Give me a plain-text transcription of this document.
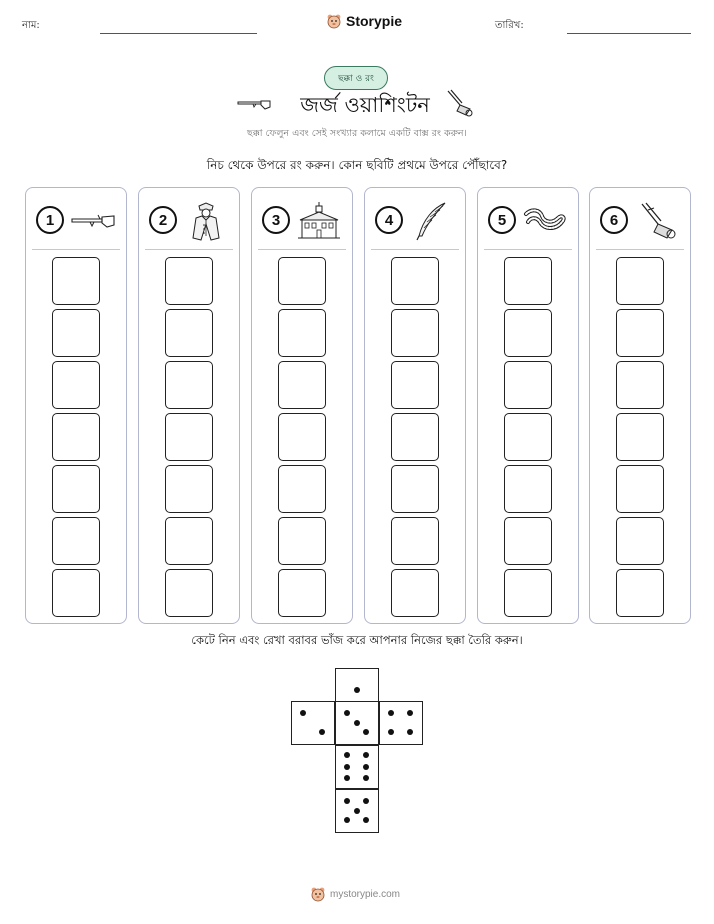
নাম:	Storypie	তারিখ:
ছক্কা ও রং
জর্জ ওয়াশিংটন
ছক্কা ফেলুন এবং সেই সংখ্যার কলামে একটি বাক্স রং করুন।
নিচ থেকে উপরে রং করুন। কোন ছবিটি প্রথমে উপরে পৌঁছাবে?
1	2	3	4	5	6
কেটে নিন এবং রেখা বরাবর ভাঁজ করে আপনার নিজের ছক্কা তৈরি করুন।
mystorypie.com
